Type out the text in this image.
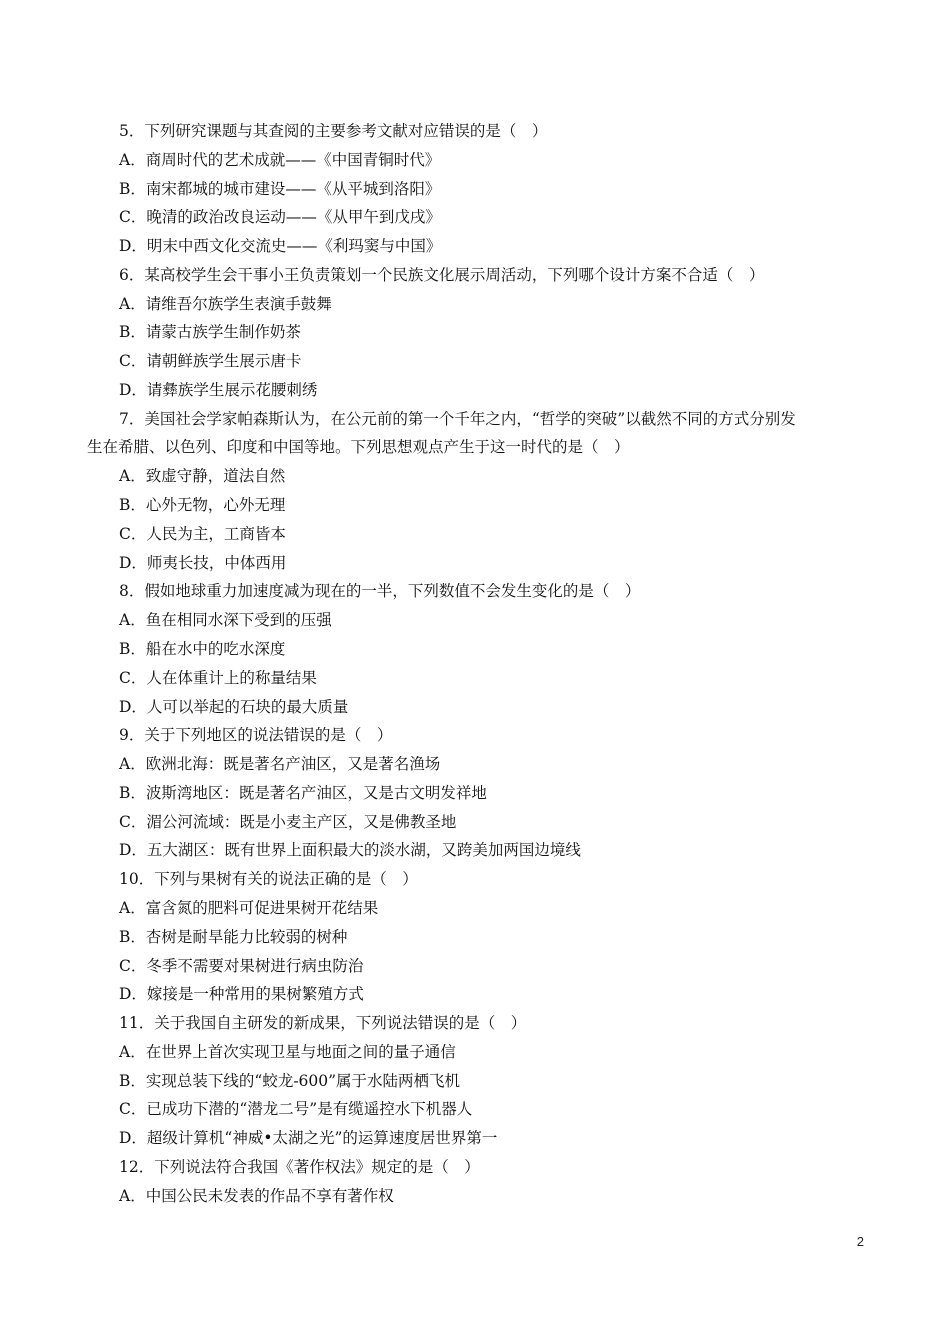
5．下列研究课题与其查阅的主要参考文献对应错误的是（　）
A．商周时代的艺术成就——《中国青铜时代》
B．南宋都城的城市建设——《从平城到洛阳》
C．晚清的政治改良运动——《从甲午到戊戌》
D．明末中西文化交流史——《利玛窦与中国》
6．某高校学生会干事小王负责策划一个民族文化展示周活动，下列哪个设计方案不合适（　）
A．请维吾尔族学生表演手鼓舞
B．请蒙古族学生制作奶茶
C．请朝鲜族学生展示唐卡
D．请彝族学生展示花腰刺绣
7．美国社会学家帕森斯认为，在公元前的第一个千年之内，“哲学的突破”以截然不同的方式分别发
生在希腊、以色列、印度和中国等地。下列思想观点产生于这一时代的是（　）
A．致虚守静，道法自然
B．心外无物，心外无理
C．人民为主，工商皆本
D．师夷长技，中体西用
8．假如地球重力加速度减为现在的一半，下列数值不会发生变化的是（　）
A．鱼在相同水深下受到的压强
B．船在水中的吃水深度
C．人在体重计上的称量结果
D．人可以举起的石块的最大质量
9．关于下列地区的说法错误的是（　）
A．欧洲北海：既是著名产油区，又是著名渔场
B．波斯湾地区：既是著名产油区，又是古文明发祥地
C．湄公河流域：既是小麦主产区，又是佛教圣地
D．五大湖区：既有世界上面积最大的淡水湖，又跨美加两国边境线
10．下列与果树有关的说法正确的是（　）
A．富含氮的肥料可促进果树开花结果
B．杏树是耐旱能力比较弱的树种
C．冬季不需要对果树进行病虫防治
D．嫁接是一种常用的果树繁殖方式
11．关于我国自主研发的新成果，下列说法错误的是（　）
A．在世界上首次实现卫星与地面之间的量子通信
B．实现总装下线的“蛟龙-600”属于水陆两栖飞机
C．已成功下潜的“潜龙二号”是有缆遥控水下机器人
D．超级计算机“神威•太湖之光”的运算速度居世界第一
12．下列说法符合我国《著作权法》规定的是（　）
A．中国公民未发表的作品不享有著作权
2
